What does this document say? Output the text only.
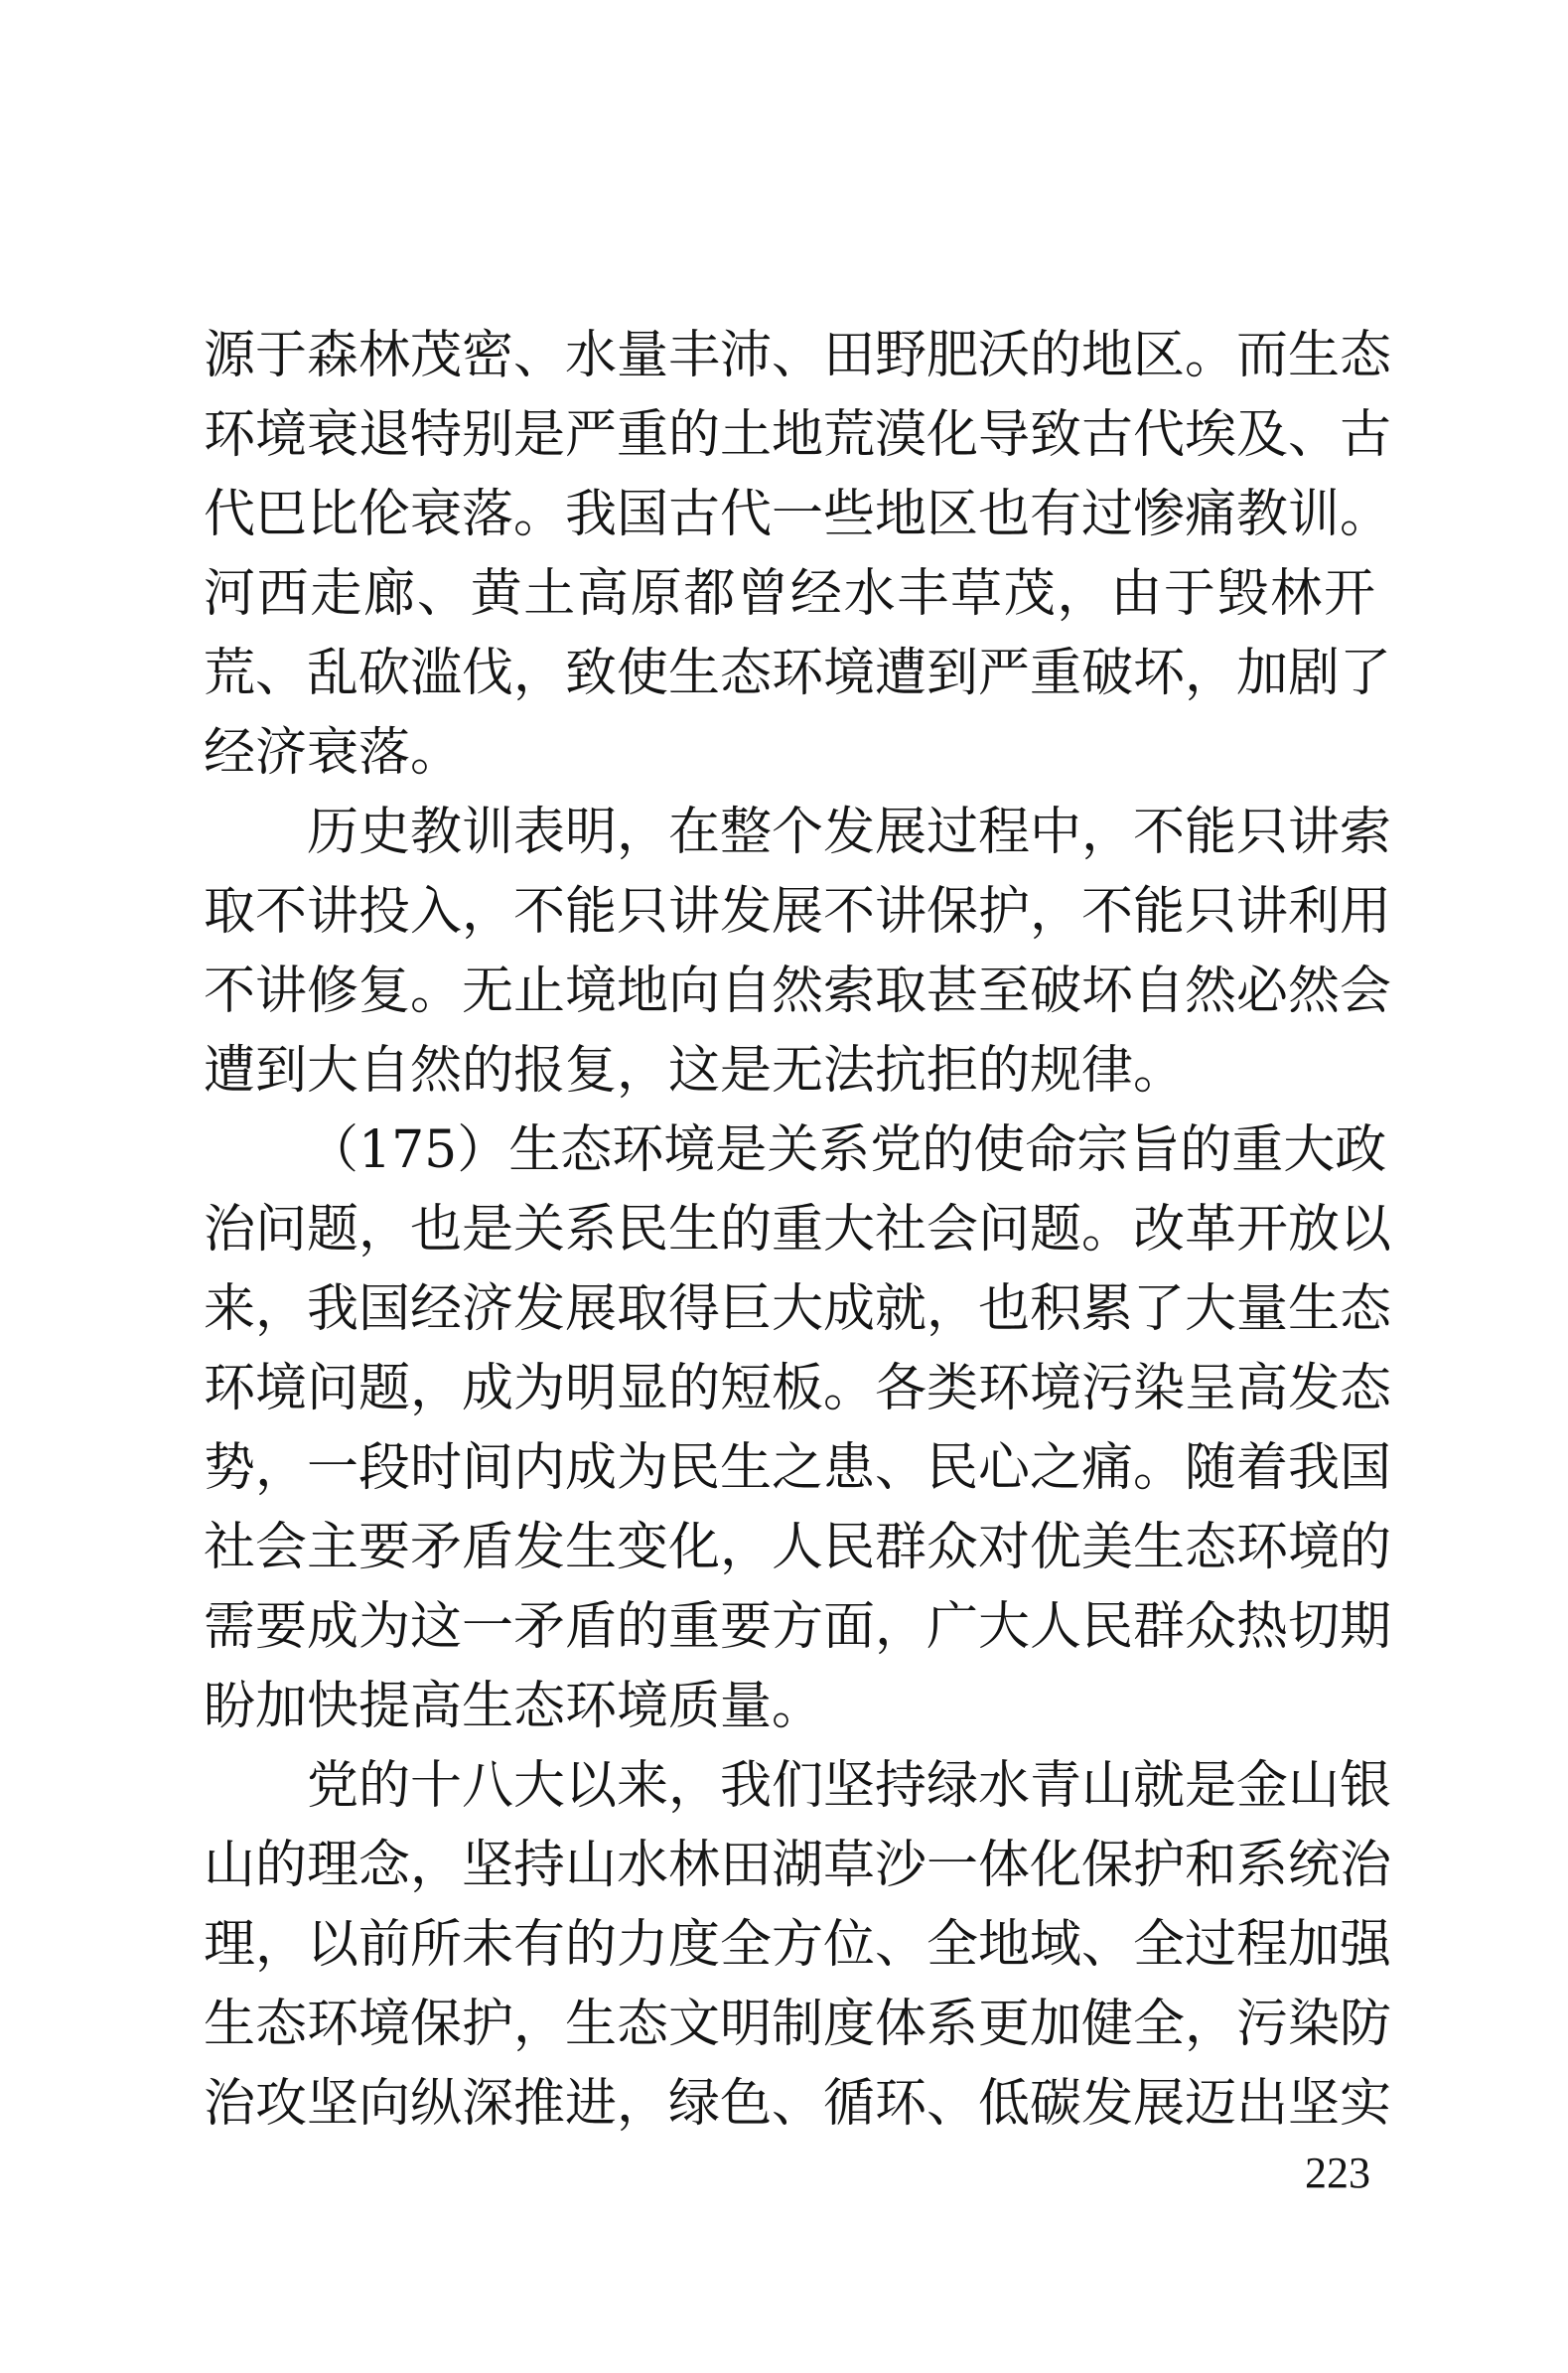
源于森林茂密、水量丰沛、田野肥沃的地区。而生态
环境衰退特别是严重的土地荒漠化导致古代埃及、古
代巴比伦衰落。我国古代一些地区也有过惨痛教训。
河西走廊、黄土高原都曾经水丰草茂，由于毁林开
荒、乱砍滥伐，致使生态环境遭到严重破坏，加剧了
经济衰落。
历史教训表明，在整个发展过程中，不能只讲索
取不讲投入，不能只讲发展不讲保护，不能只讲利用
不讲修复。无止境地向自然索取甚至破坏自然必然会
遭到大自然的报复，这是无法抗拒的规律。
（175）生态环境是关系党的使命宗旨的重大政
治问题，也是关系民生的重大社会问题。改革开放以
来，我国经济发展取得巨大成就，也积累了大量生态
环境问题，成为明显的短板。各类环境污染呈高发态
势，一段时间内成为民生之患、民心之痛。随着我国
社会主要矛盾发生变化，人民群众对优美生态环境的
需要成为这一矛盾的重要方面，广大人民群众热切期
盼加快提高生态环境质量。
党的十八大以来，我们坚持绿水青山就是金山银
山的理念，坚持山水林田湖草沙一体化保护和系统治
理，以前所未有的力度全方位、全地域、全过程加强
生态环境保护，生态文明制度体系更加健全，污染防
治攻坚向纵深推进，绿色、循环、低碳发展迈出坚实
223
